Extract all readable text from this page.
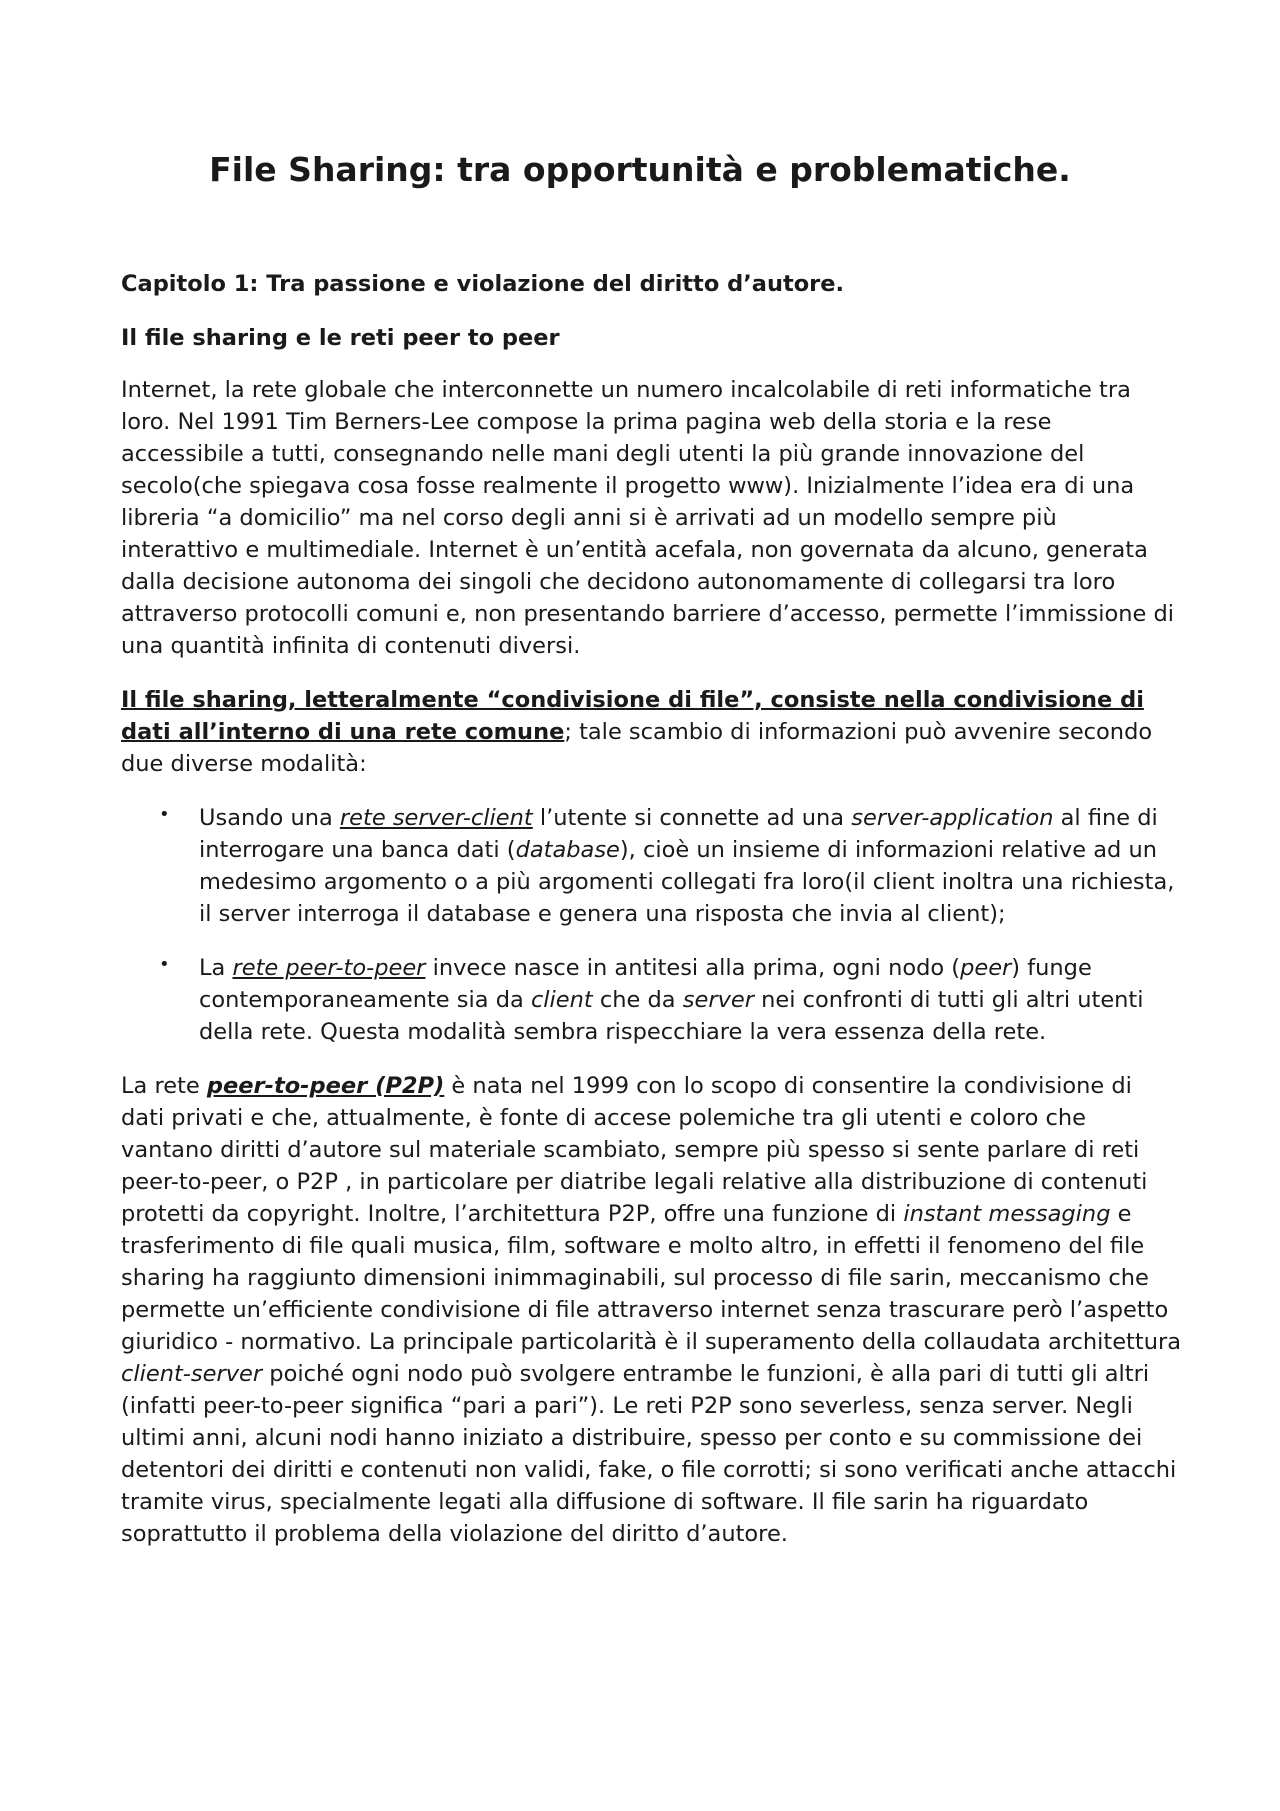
File Sharing: tra opportunità e problematiche.
Capitolo 1: Tra passione e violazione del diritto d’autore.
Il file sharing e le reti peer to peer

Internet, la rete globale che interconnette un numero incalcolabile di reti informatiche tra loro. Nel 1991 Tim Berners-Lee compose la prima pagina web della storia e la rese accessibile a tutti, consegnando nelle mani degli utenti la più grande innovazione del secolo(che spiegava cosa fosse realmente il progetto www). Inizialmente l’idea era di una libreria “a domicilio” ma nel corso degli anni si è arrivati ad un modello sempre più interattivo e multimediale. Internet è un’entità acefala, non governata da alcuno, generata dalla decisione autonoma dei singoli che decidono autonomamente di collegarsi tra loro attraverso protocolli comuni e, non presentando barriere d’accesso, permette l’immissione di una quantità infinita di contenuti diversi.

Il file sharing, letteralmente “condivisione di file”, consiste nella condivisione di dati all’interno di una rete comune; tale scambio di informazioni può avvenire secondo due diverse modalità:

• Usando una rete server-client l’utente si connette ad una server-application al fine di interrogare una banca dati (database), cioè un insieme di informazioni relative ad un medesimo argomento o a più argomenti collegati fra loro(il client inoltra una richiesta, il server interroga il database e genera una risposta che invia al client);
• La rete peer-to-peer invece nasce in antitesi alla prima, ogni nodo (peer) funge contemporaneamente sia da client che da server nei confronti di tutti gli altri utenti della rete. Questa modalità sembra rispecchiare la vera essenza della rete.

La rete peer-to-peer (P2P) è nata nel 1999 con lo scopo di consentire la condivisione di dati privati e che, attualmente, è fonte di accese polemiche tra gli utenti e coloro che vantano diritti d’autore sul materiale scambiato, sempre più spesso si sente parlare di reti peer-to-peer, o P2P , in particolare per diatribe legali relative alla distribuzione di contenuti protetti da copyright. Inoltre, l’architettura P2P, offre una funzione di instant messaging e trasferimento di file quali musica, film, software e molto altro, in effetti il fenomeno del file sharing ha raggiunto dimensioni inimmaginabili, sul processo di file sarin, meccanismo che permette un’efficiente condivisione di file attraverso internet senza trascurare però l’aspetto giuridico - normativo. La principale particolarità è il superamento della collaudata architettura client-server poiché ogni nodo può svolgere entrambe le funzioni, è alla pari di tutti gli altri (infatti peer-to-peer significa “pari a pari”). Le reti P2P sono severless, senza server. Negli ultimi anni, alcuni nodi hanno iniziato a distribuire, spesso per conto e su commissione dei detentori dei diritti e contenuti non validi, fake, o file corrotti; si sono verificati anche attacchi tramite virus, specialmente legati alla diffusione di software. Il file sarin ha riguardato soprattutto il problema della violazione del diritto d’autore.
